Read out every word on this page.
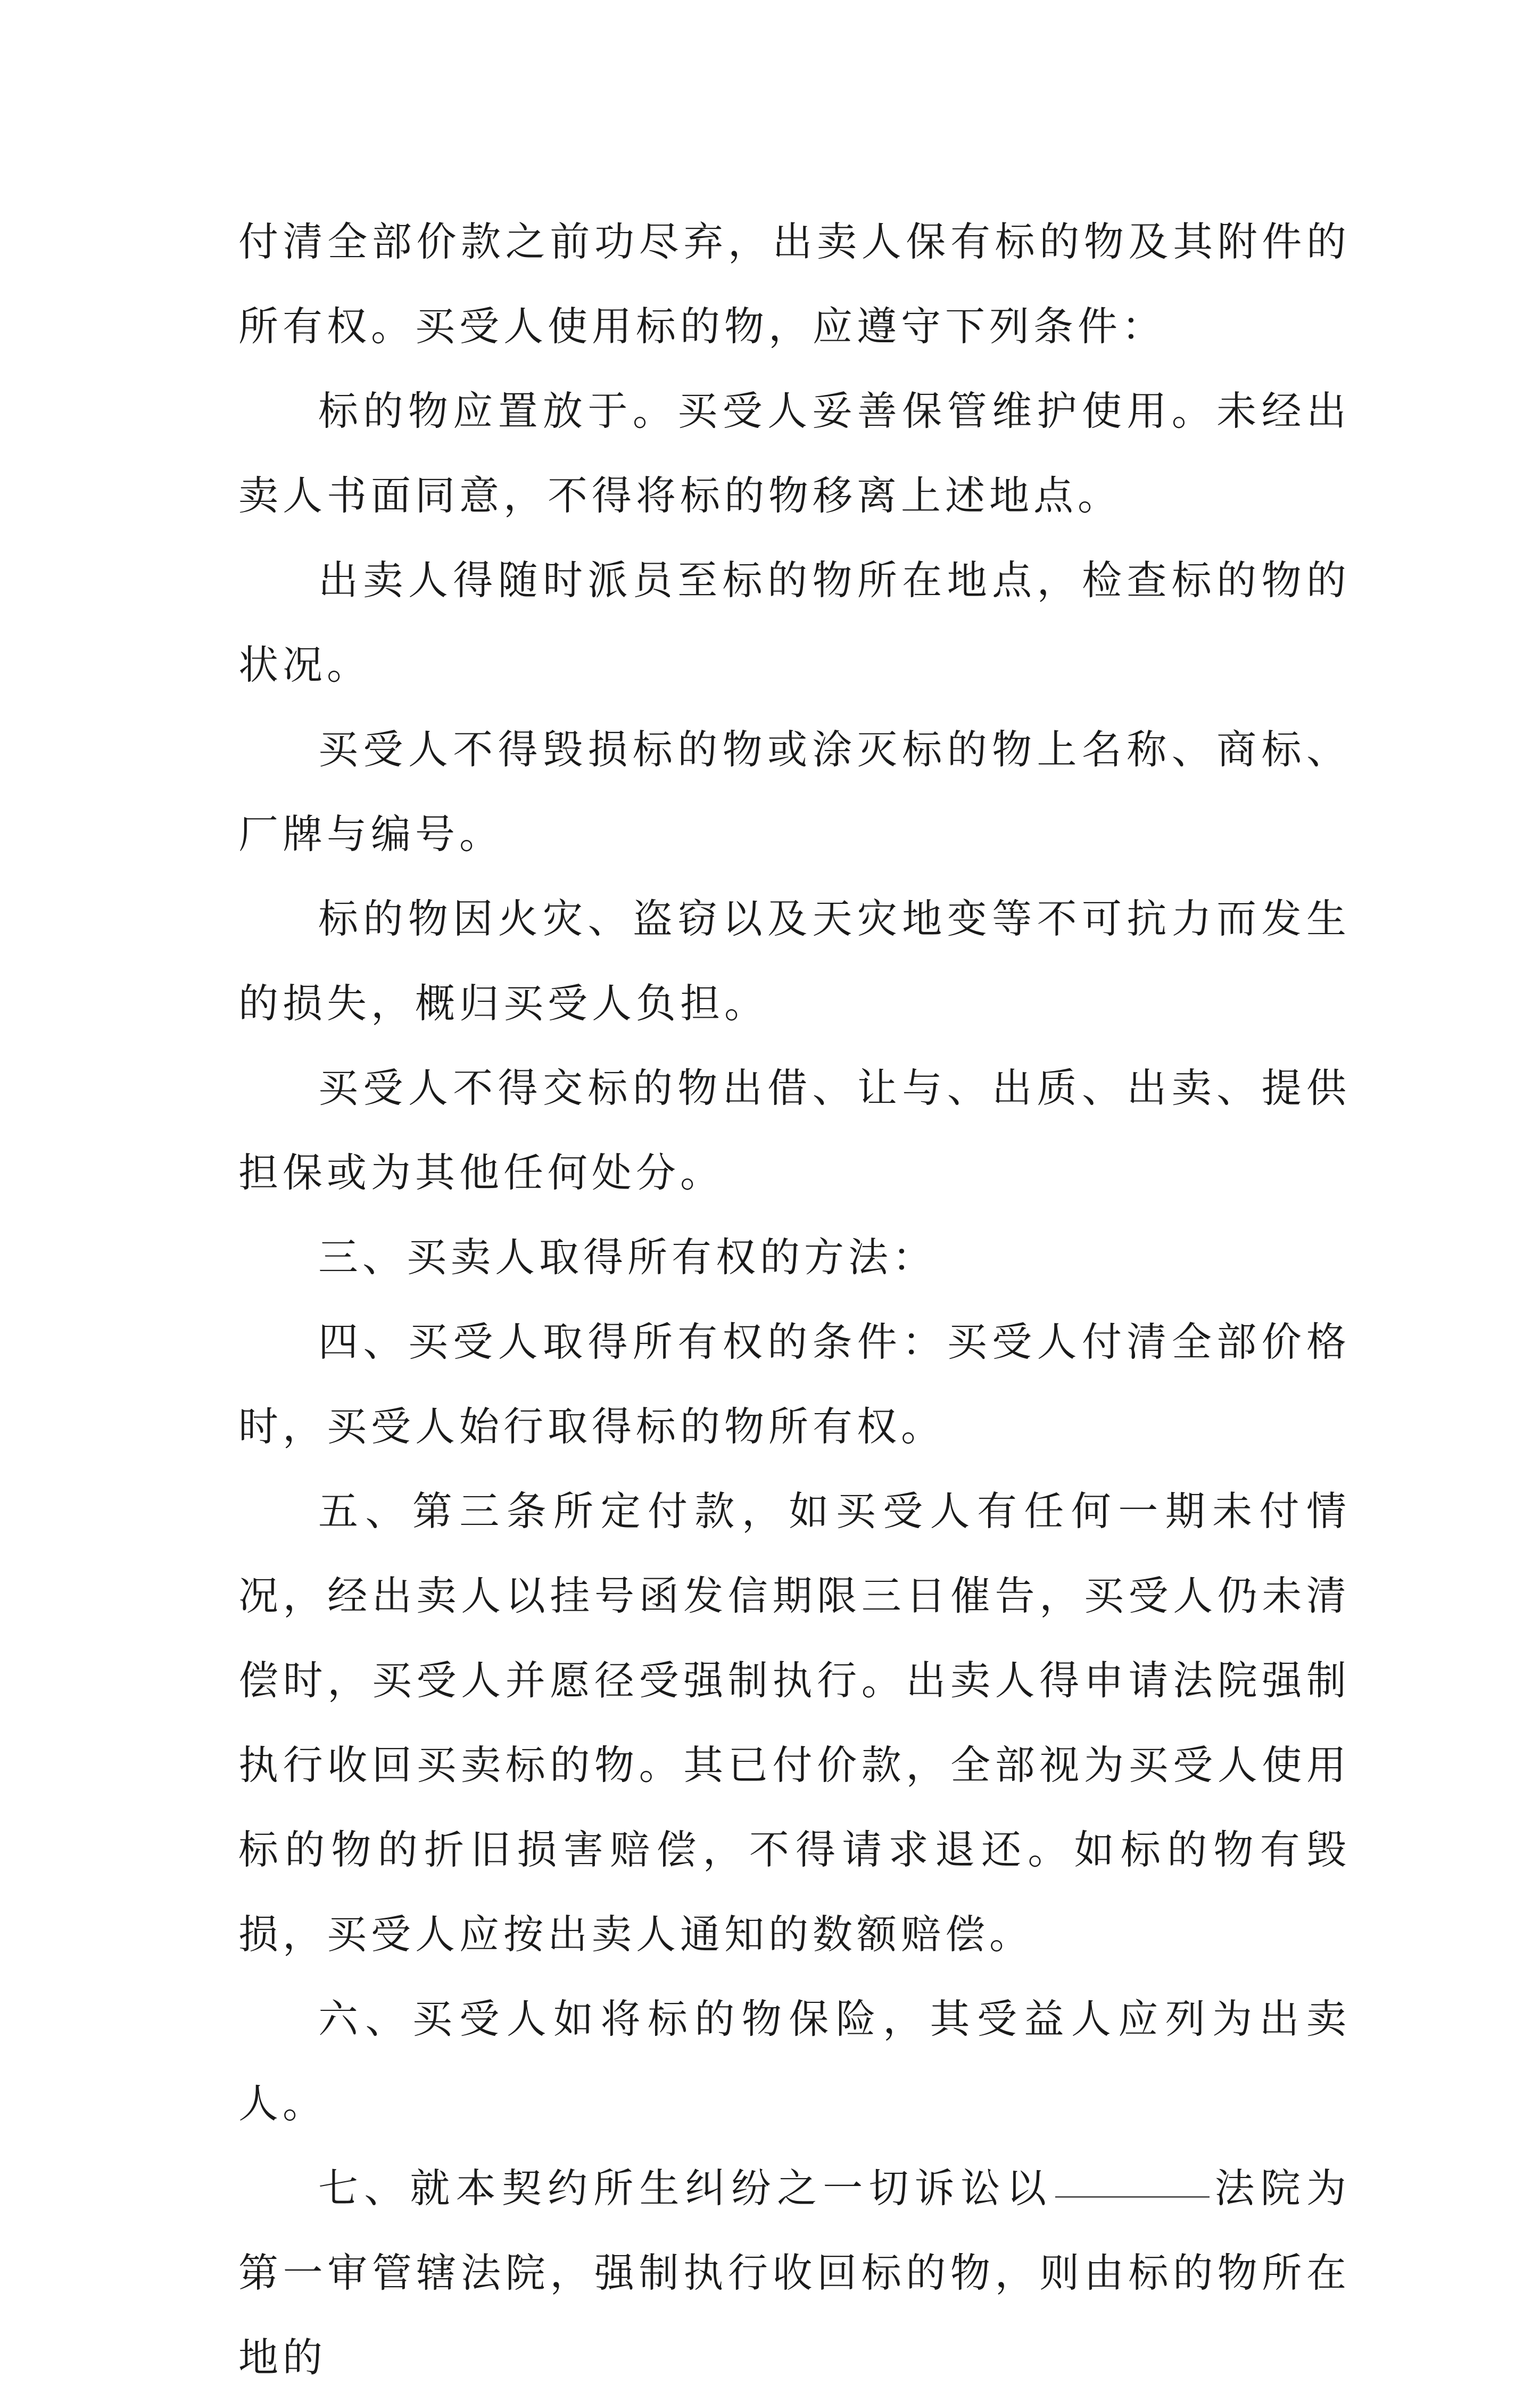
付清全部价款之前功尽弃，出卖人保有标的物及其附件的所有权。买受人使用标的物，应遵守下列条件：

标的物应置放于。买受人妥善保管维护使用。未经出卖人书面同意，不得将标的物移离上述地点。

出卖人得随时派员至标的物所在地点，检查标的物的状况。

买受人不得毁损标的物或涂灭标的物上名称、商标、厂牌与编号。

标的物因火灾、盗窃以及天灾地变等不可抗力而发生的损失，概归买受人负担。

买受人不得交标的物出借、让与、出质、出卖、提供担保或为其他任何处分。

三、买卖人取得所有权的方法：

四、买受人取得所有权的条件：买受人付清全部价格时，买受人始行取得标的物所有权。

五、第三条所定付款，如买受人有任何一期未付情况，经出卖人以挂号函发信期限三日催告，买受人仍未清偿时，买受人并愿径受强制执行。出卖人得申请法院强制执行收回买卖标的物。其已付价款，全部视为买受人使用标的物的折旧损害赔偿，不得请求退还。如标的物有毁损，买受人应按出卖人通知的数额赔偿。

六、买受人如将标的物保险，其受益人应列为出卖人。

七、就本契约所生纠纷之一切诉讼以	法院为第一审管辖法院，强制执行收回标的物，则由标的物所在地的
